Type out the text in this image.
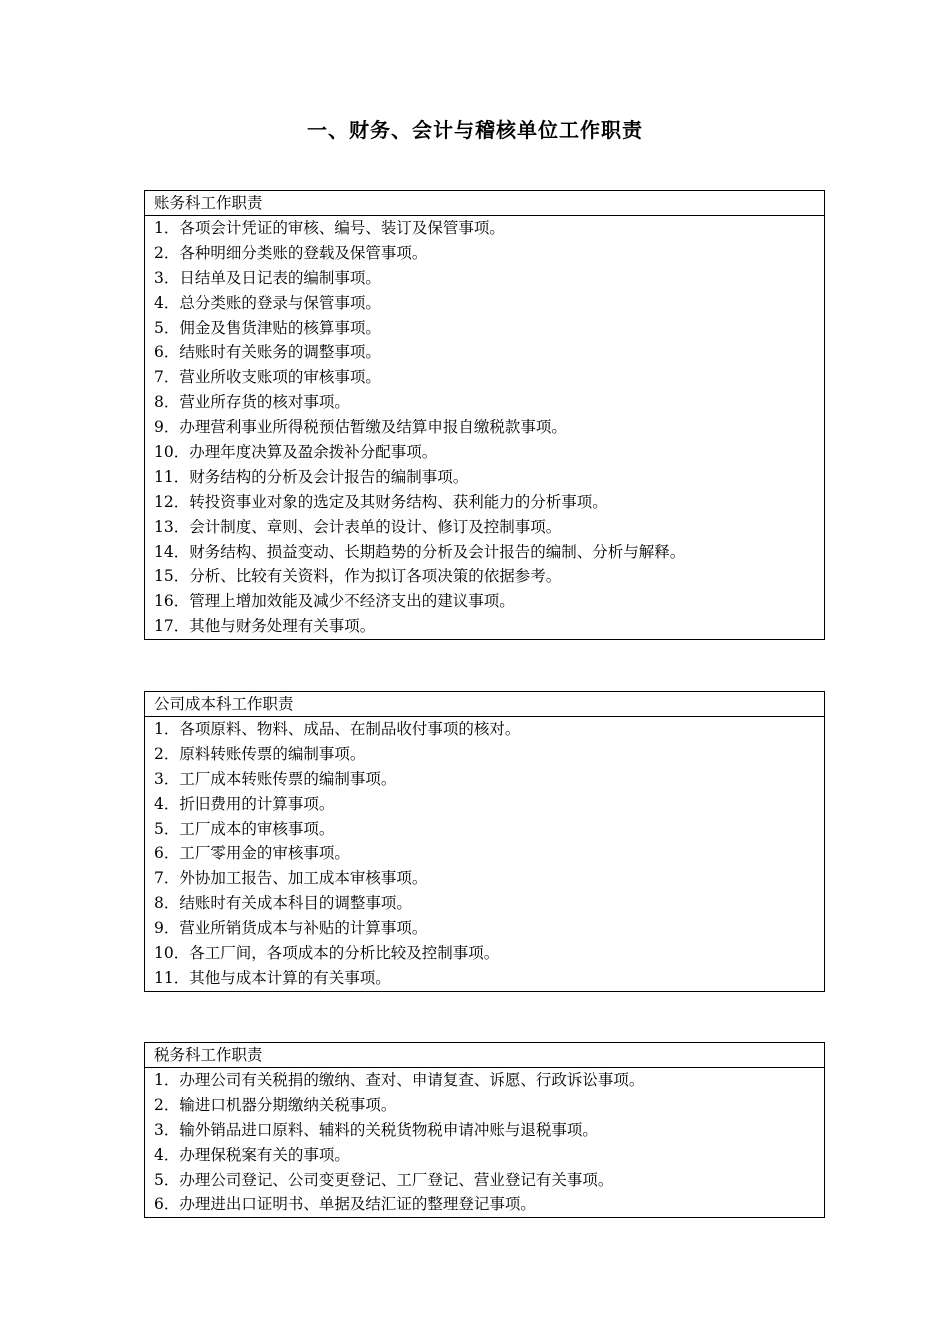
一、财务、会计与稽核单位工作职责
账务科工作职责
1．各项会计凭证的审核、编号、装订及保管事项。
2．各种明细分类账的登载及保管事项。
3．日结单及日记表的编制事项。
4．总分类账的登录与保管事项。
5．佣金及售货津贴的核算事项。
6．结账时有关账务的调整事项。
7．营业所收支账项的审核事项。
8．营业所存货的核对事项。
9．办理营利事业所得税预估暂缴及结算申报自缴税款事项。
10．办理年度决算及盈余拨补分配事项。
11．财务结构的分析及会计报告的编制事项。
12．转投资事业对象的选定及其财务结构、获利能力的分析事项。
13．会计制度、章则、会计表单的设计、修订及控制事项。
14．财务结构、损益变动、长期趋势的分析及会计报告的编制、分析与解释。
15．分析、比较有关资料，作为拟订各项决策的依据参考。
16．管理上增加效能及减少不经济支出的建议事项。
17．其他与财务处理有关事项。
公司成本科工作职责
1．各项原料、物料、成品、在制品收付事项的核对。
2．原料转账传票的编制事项。
3．工厂成本转账传票的编制事项。
4．折旧费用的计算事项。
5．工厂成本的审核事项。
6．工厂零用金的审核事项。
7．外协加工报告、加工成本审核事项。
8．结账时有关成本科目的调整事项。
9．营业所销货成本与补贴的计算事项。
10．各工厂间，各项成本的分析比较及控制事项。
11．其他与成本计算的有关事项。
税务科工作职责
1．办理公司有关税捐的缴纳、查对、申请复查、诉愿、行政诉讼事项。
2．输进口机器分期缴纳关税事项。
3．输外销品进口原料、辅料的关税货物税申请冲账与退税事项。
4．办理保税案有关的事项。
5．办理公司登记、公司变更登记、工厂登记、营业登记有关事项。
6．办理进出口证明书、单据及结汇证的整理登记事项。
